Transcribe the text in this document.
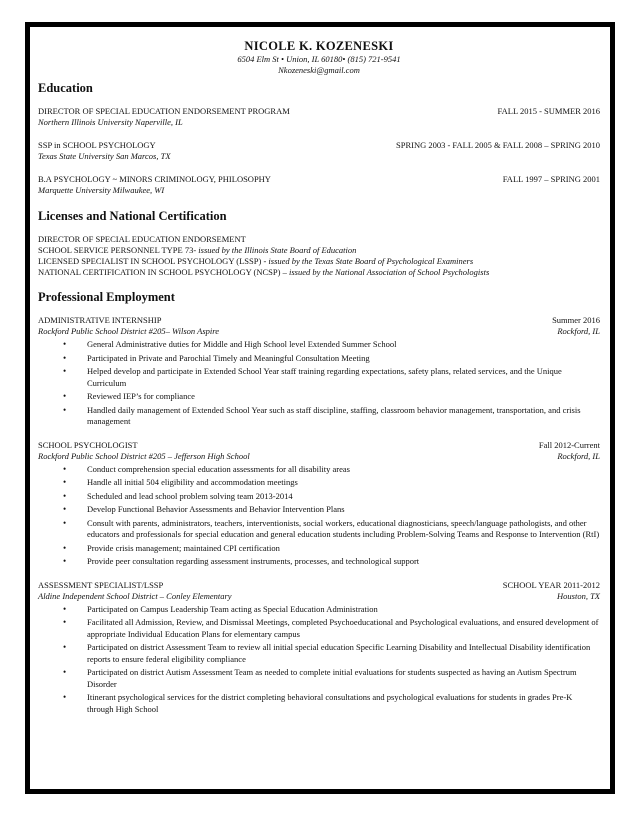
NICOLE K. KOZENESKI
6504 Elm St • Union, IL 60180• (815) 721-9541
Nkozeneski@gmail.com
Education
DIRECTOR OF SPECIAL EDUCATION ENDORSEMENT PROGRAM	FALL 2015 - SUMMER 2016
Northern Illinois University Naperville, IL
SSP in SCHOOL PSYCHOLOGY	SPRING 2003 - FALL 2005 & FALL 2008 – SPRING 2010
Texas State University San Marcos, TX
B.A PSYCHOLOGY ~ MINORS CRIMINOLOGY, PHILOSOPHY	FALL 1997 – SPRING 2001
Marquette University Milwaukee, WI
Licenses and National Certification
DIRECTOR OF SPECIAL EDUCATION ENDORSEMENT
SCHOOL SERVICE PERSONNEL TYPE 73- issued by the Illinois State Board of Education
LICENSED SPECIALIST IN SCHOOL PSYCHOLOGY (LSSP) - issued by the Texas State Board of Psychological Examiners
NATIONAL CERTIFICATION IN SCHOOL PSYCHOLOGY (NCSP) – issued by the National Association of School Psychologists
Professional Employment
ADMINISTRATIVE INTERNSHIP	Summer 2016
Rockford Public School District #205– Wilson Aspire	Rockford, IL
• General Administrative duties for Middle and High School level Extended Summer School
• Participated in Private and Parochial Timely and Meaningful Consultation Meeting
• Helped develop and participate in Extended School Year staff training regarding expectations, safety plans, related services, and the Unique Curriculum
• Reviewed IEP’s for compliance
• Handled daily management of Extended School Year such as staff discipline, staffing, classroom behavior management, transportation, and crisis management
SCHOOL PSYCHOLOGIST	Fall 2012-Current
Rockford Public School District #205 – Jefferson High School	Rockford, IL
• Conduct comprehension special education assessments for all disability areas
• Handle all initial 504 eligibility and accommodation meetings
• Scheduled and lead school problem solving team 2013-2014
• Develop Functional Behavior Assessments and Behavior Intervention Plans
• Consult with parents, administrators, teachers, interventionists, social workers, educational diagnosticians, speech/language pathologists, and other educators and professionals for special education and general education students including Problem-Solving Teams and Response to Intervention (RtI)
• Provide crisis management; maintained CPI certification
• Provide peer consultation regarding assessment instruments, processes, and technological support
ASSESSMENT SPECIALIST/LSSP	SCHOOL YEAR 2011-2012
Aldine Independent School District – Conley Elementary	Houston, TX
• Participated on Campus Leadership Team acting as Special Education Administration
• Facilitated all Admission, Review, and Dismissal Meetings, completed Psychoeducational and Psychological evaluations, and ensured development of appropriate Individual Education Plans for elementary campus
• Participated on district Assessment Team to review all initial special education Specific Learning Disability and Intellectual Disability identification reports to ensure federal eligibility compliance
• Participated on district Autism Assessment Team as needed to complete initial evaluations for students suspected as having an Autism Spectrum Disorder
• Itinerant psychological services for the district completing behavioral consultations and psychological evaluations for students in grades Pre-K through High School
